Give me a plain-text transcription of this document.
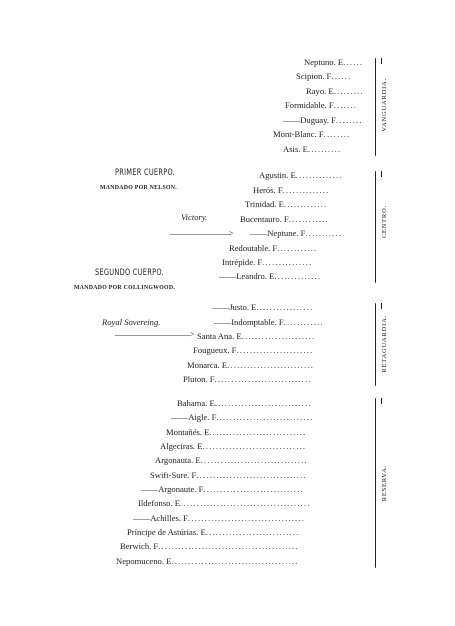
Neptuno. E......
Scipion. F......
Rayo. E.........
Formidable. F.......
——Duguay. F........
Mont-Blanc. F........
Asis. E..........
VANGUARDIA.
PRIMER CUERPO.
MANDADO POR NELSON.
Victory.
>
Agustin. E..............
Herós. F..............
Trinidad. E.............
Bucentauro. F............
——Neptune. F...........
Redoutable. F............
Intrépide. F...............
——Leandro. E..............
CENTRO.
SEGUNDO CUERPO.
MANDADO POR COLLINGWOOD.
Royal Sovereing.
>
——Justo. E.................
——Indomptable. F............
Santa Ana. E......................
Fougueux. F.......................
Monarca. E..........................
Pluton. F.............................
RETAGUARDIA.
Bahama. E.............................
——Aigle. F.............................
Montañés. E.............................
Algeciras. E...............................
Argonauta. E................................
Swift-Sure. F.................................
——Argonaute. F..............................
Ildefonso. E.......................................
——Achilles. F...................................
Príncipe de Astúrias. E............................
Berwich. F..........................................
Nepomuceno. E......................................
RESERVA.
